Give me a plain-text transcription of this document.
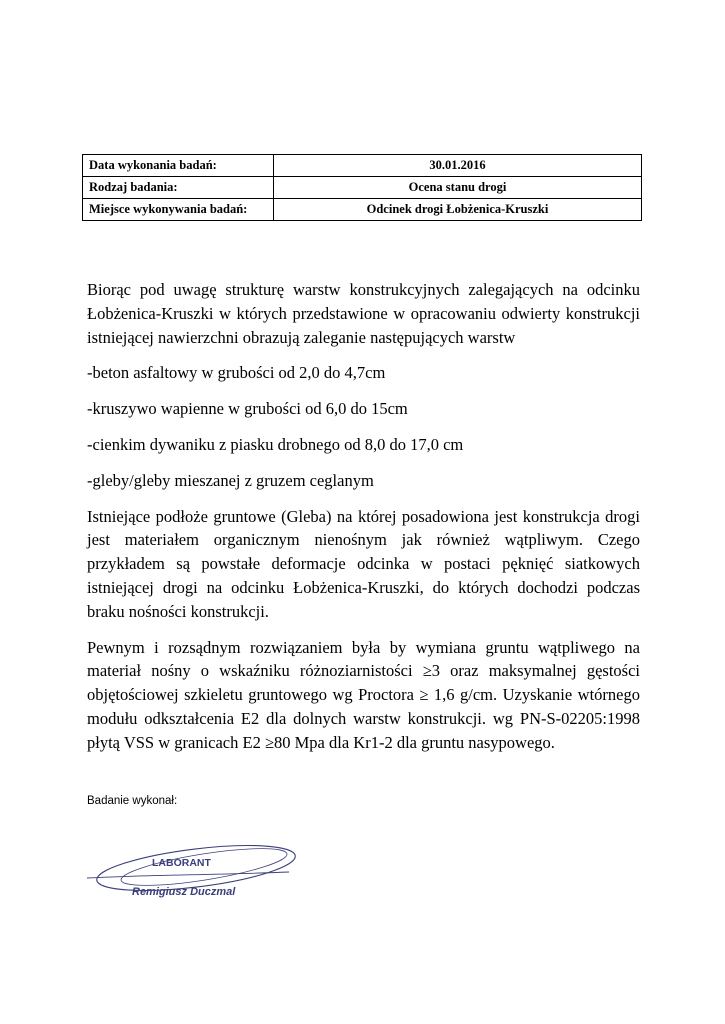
Data wykonania badań:	30.01.2016
Rodzaj badania:	Ocena stanu drogi
Miejsce wykonywania badań:	Odcinek drogi Łobżenica-Kruszki

Biorąc pod uwagę strukturę warstw konstrukcyjnych zalegających na odcinku Łobżenica-Kruszki w których przedstawione w opracowaniu odwierty konstrukcji istniejącej nawierzchni obrazują zaleganie następujących warstw

-beton asfaltowy w grubości od 2,0 do 4,7cm

-kruszywo wapienne w grubości od 6,0 do 15cm

-cienkim dywaniku z piasku drobnego od 8,0 do 17,0 cm

-gleby/gleby mieszanej z gruzem ceglanym

Istniejące podłoże gruntowe (Gleba) na której posadowiona jest konstrukcja drogi jest materiałem organicznym nienośnym jak również wątpliwym. Czego przykładem są powstałe deformacje odcinka w postaci pęknięć siatkowych istniejącej drogi na odcinku Łobżenica-Kruszki, do których dochodzi podczas braku nośności konstrukcji.

Pewnym i rozsądnym rozwiązaniem była by wymiana gruntu wątpliwego na materiał nośny o wskaźniku różnoziarnistości ≥3 oraz maksymalnej gęstości objętościowej szkieletu gruntowego wg Proctora ≥ 1,6 g/cm. Uzyskanie wtórnego modułu odkształcenia E2 dla dolnych warstw konstrukcji. wg PN-S-02205:1998 płytą VSS w granicach E2 ≥80 Mpa dla Kr1-2 dla gruntu nasypowego.

Badanie wykonał:
LABORANT
Remigiusz Duczmal
